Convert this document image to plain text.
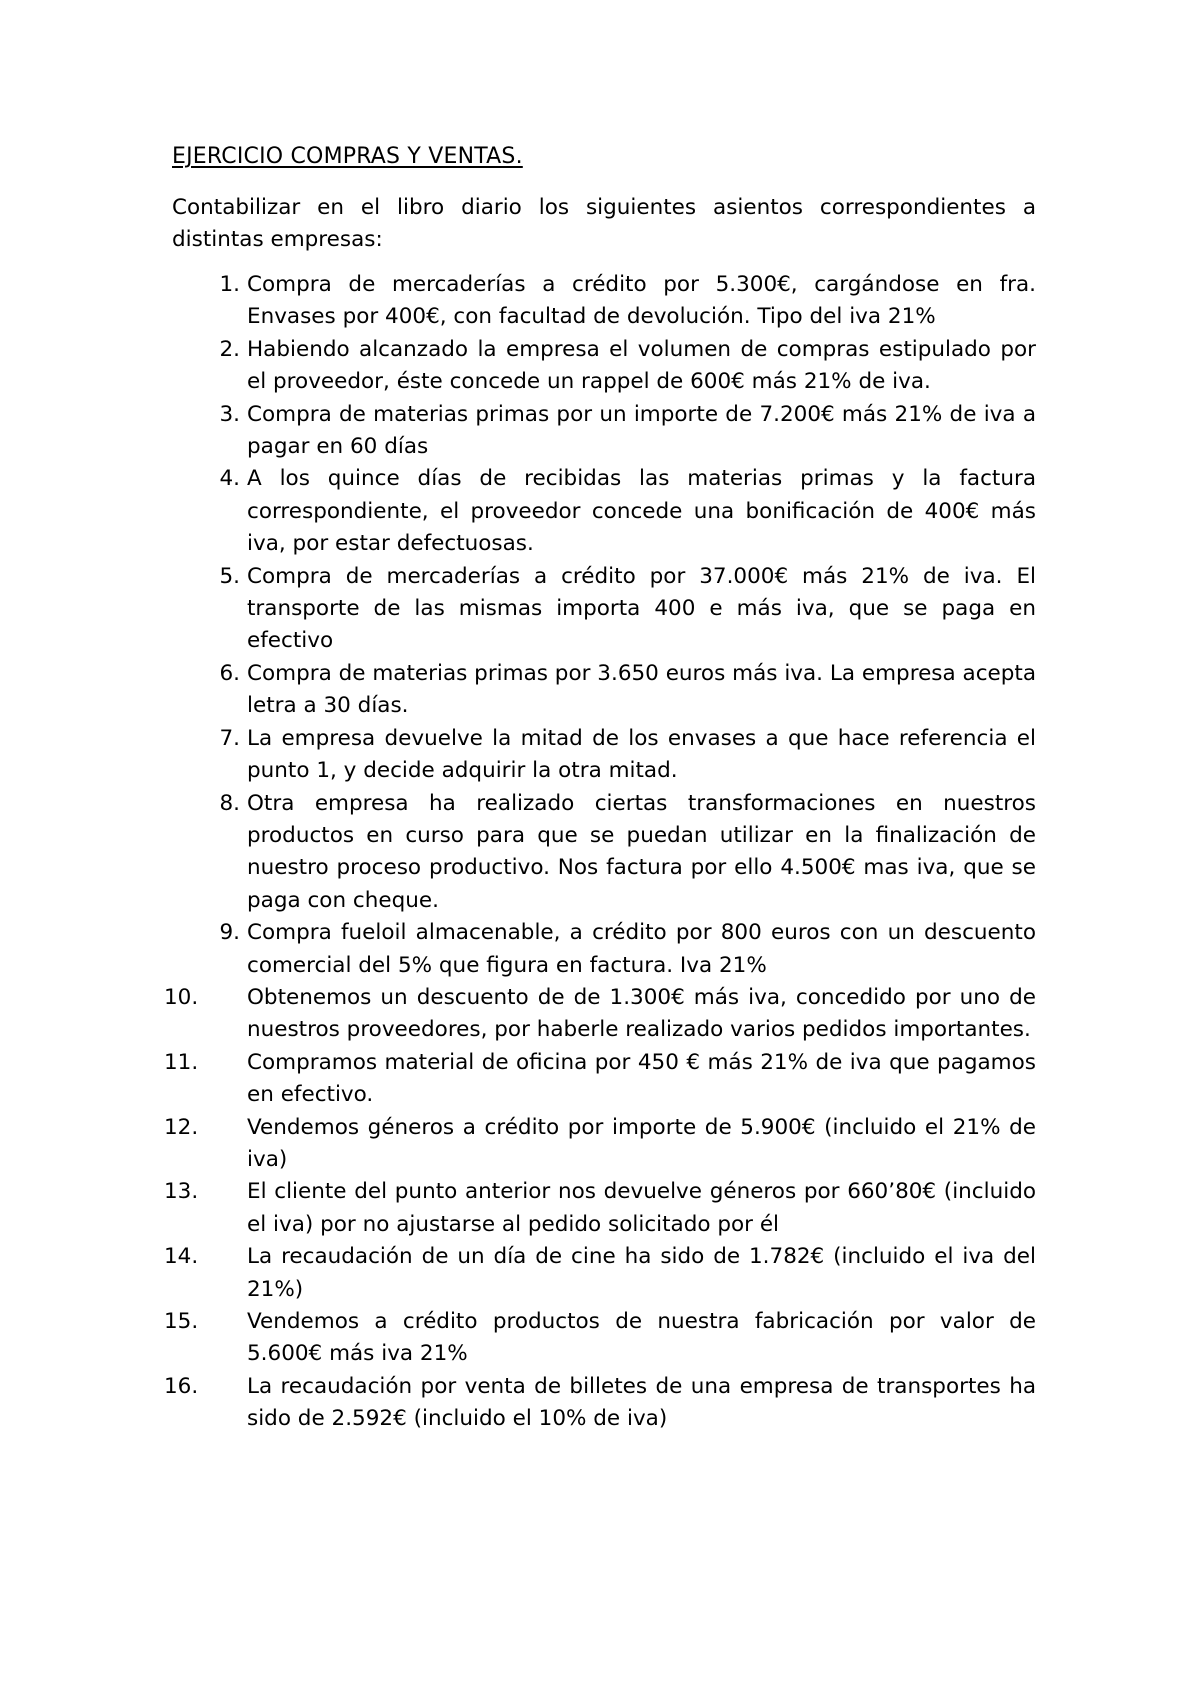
EJERCICIO COMPRAS Y VENTAS.

Contabilizar en el libro diario los siguientes asientos correspondientes a distintas empresas:

1. Compra de mercaderías a crédito por 5.300€, cargándose en fra. Envases por 400€, con facultad de devolución. Tipo del iva 21%
2. Habiendo alcanzado la empresa el volumen de compras estipulado por el proveedor, éste concede un rappel de 600€ más 21% de iva.
3. Compra de materias primas por un importe de 7.200€ más 21% de iva a pagar en 60 días
4. A los quince días de recibidas las materias primas y la factura correspondiente, el proveedor concede una bonificación de 400€ más iva, por estar defectuosas.
5. Compra de mercaderías a crédito por 37.000€ más 21% de iva. El transporte de las mismas importa 400 e más iva, que se paga en efectivo
6. Compra de materias primas por 3.650 euros más iva. La empresa acepta letra a 30 días.
7. La empresa devuelve la mitad de los envases a que hace referencia el punto 1, y decide adquirir la otra mitad.
8. Otra empresa ha realizado ciertas transformaciones en nuestros productos en curso para que se puedan utilizar en la finalización de nuestro proceso productivo. Nos factura por ello 4.500€ mas iva, que se paga con cheque.
9. Compra fueloil almacenable, a crédito por 800 euros con un descuento comercial del 5% que figura en factura. Iva 21%
10.	Obtenemos un descuento de de 1.300€ más iva, concedido por uno de nuestros proveedores, por haberle realizado varios pedidos importantes.
11.	Compramos material de oficina por 450 € más 21% de iva que pagamos en efectivo.
12.	Vendemos géneros a crédito por importe de 5.900€ (incluido el 21% de iva)
13.	El cliente del punto anterior nos devuelve géneros por 660’80€ (incluido el iva) por no ajustarse al pedido solicitado por él
14.	La recaudación de un día de cine ha sido de 1.782€ (incluido el iva del 21%)
15.	Vendemos a crédito productos de nuestra fabricación por valor de 5.600€ más iva 21%
16.	La recaudación por venta de billetes de una empresa de transportes ha sido de 2.592€ (incluido el 10% de iva)
